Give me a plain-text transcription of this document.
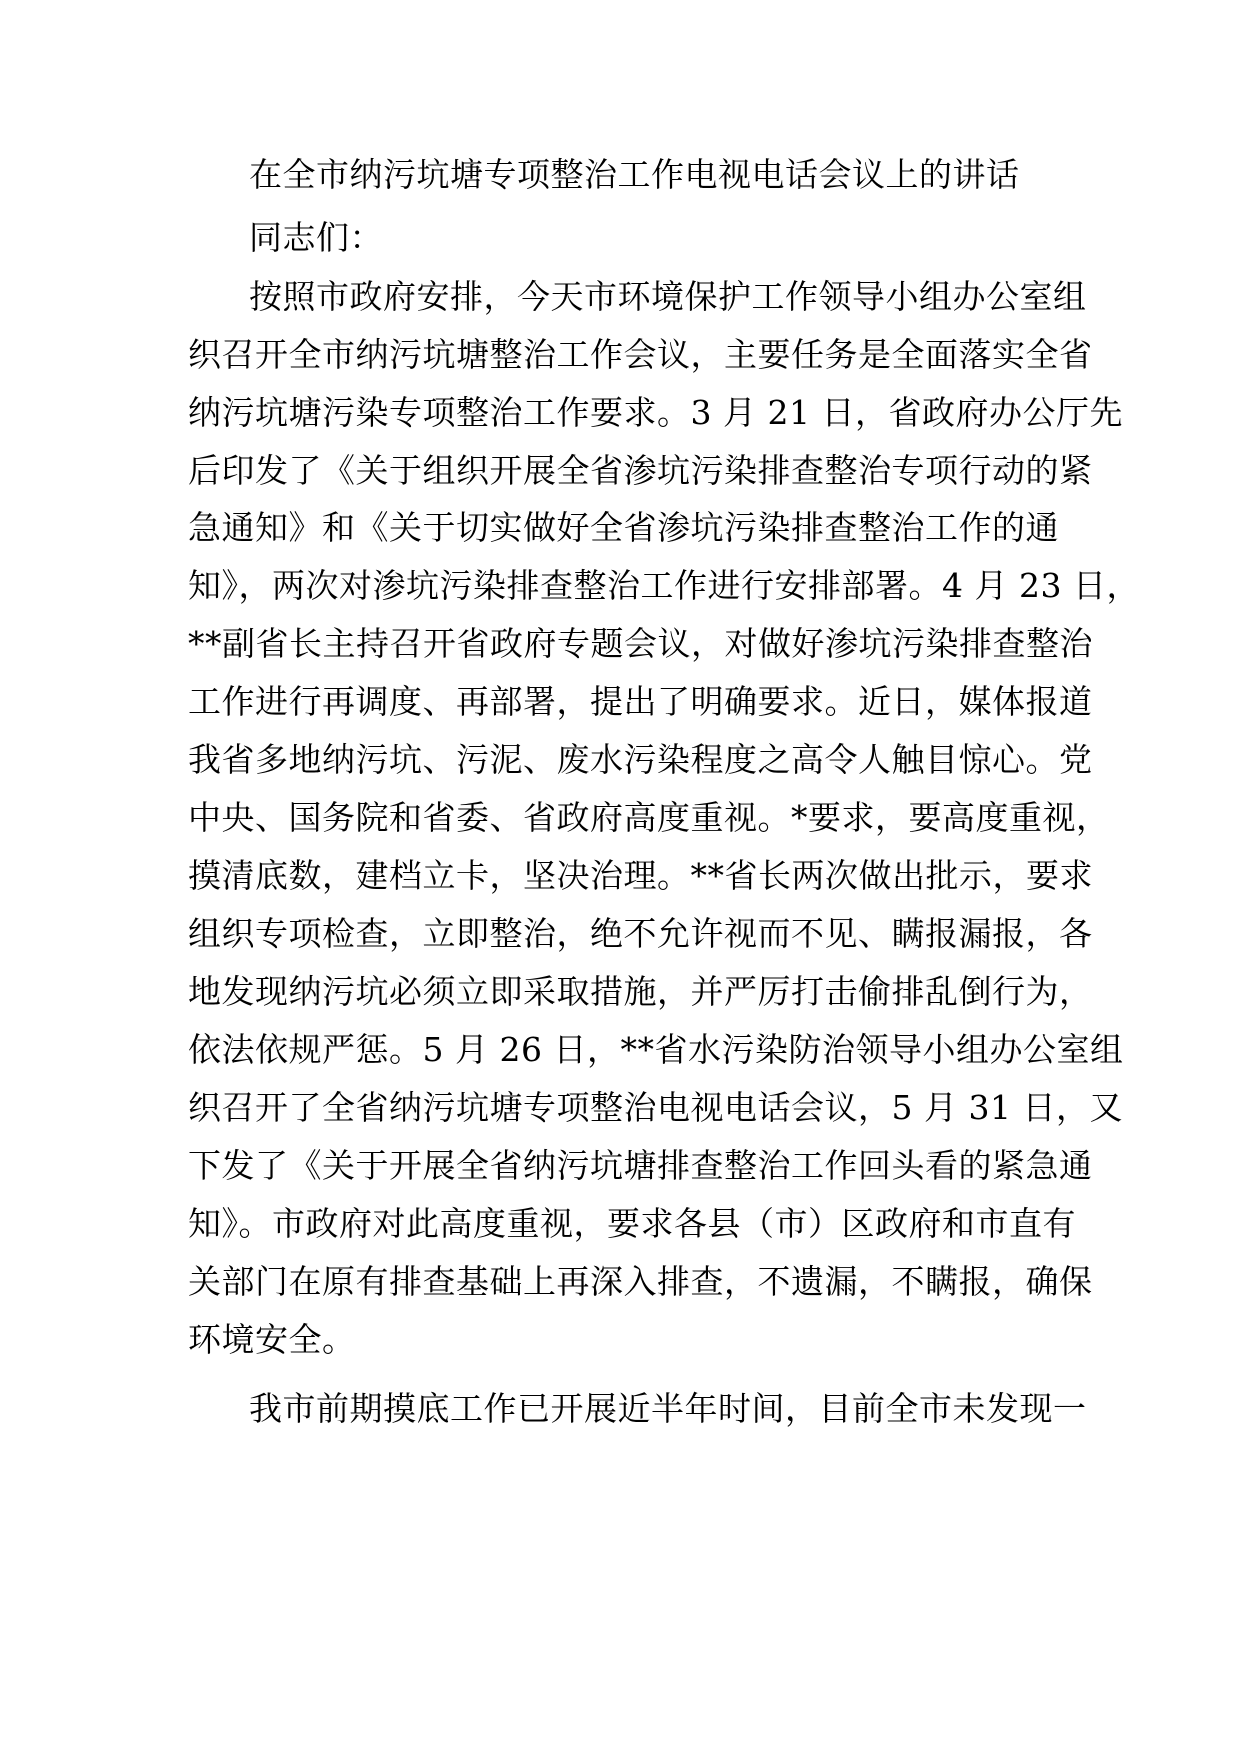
在全市纳污坑塘专项整治工作电视电话会议上的讲话
同志们：
按照市政府安排，今天市环境保护工作领导小组办公室组
织召开全市纳污坑塘整治工作会议，主要任务是全面落实全省
纳污坑塘污染专项整治工作要求。3 月 21 日，省政府办公厅先
后印发了《关于组织开展全省渗坑污染排查整治专项行动的紧
急通知》和《关于切实做好全省渗坑污染排查整治工作的通
知》，两次对渗坑污染排查整治工作进行安排部署。4 月 23 日，
**副省长主持召开省政府专题会议，对做好渗坑污染排查整治
工作进行再调度、再部署，提出了明确要求。近日，媒体报道
我省多地纳污坑、污泥、废水污染程度之高令人触目惊心。党
中央、国务院和省委、省政府高度重视。*要求，要高度重视，
摸清底数，建档立卡，坚决治理。**省长两次做出批示，要求
组织专项检查，立即整治，绝不允许视而不见、瞒报漏报，各
地发现纳污坑必须立即采取措施，并严厉打击偷排乱倒行为，
依法依规严惩。5 月 26 日，**省水污染防治领导小组办公室组
织召开了全省纳污坑塘专项整治电视电话会议，5 月 31 日，又
下发了《关于开展全省纳污坑塘排查整治工作回头看的紧急通
知》。市政府对此高度重视，要求各县（市）区政府和市直有
关部门在原有排查基础上再深入排查，不遗漏，不瞒报，确保
环境安全。
我市前期摸底工作已开展近半年时间，目前全市未发现一
